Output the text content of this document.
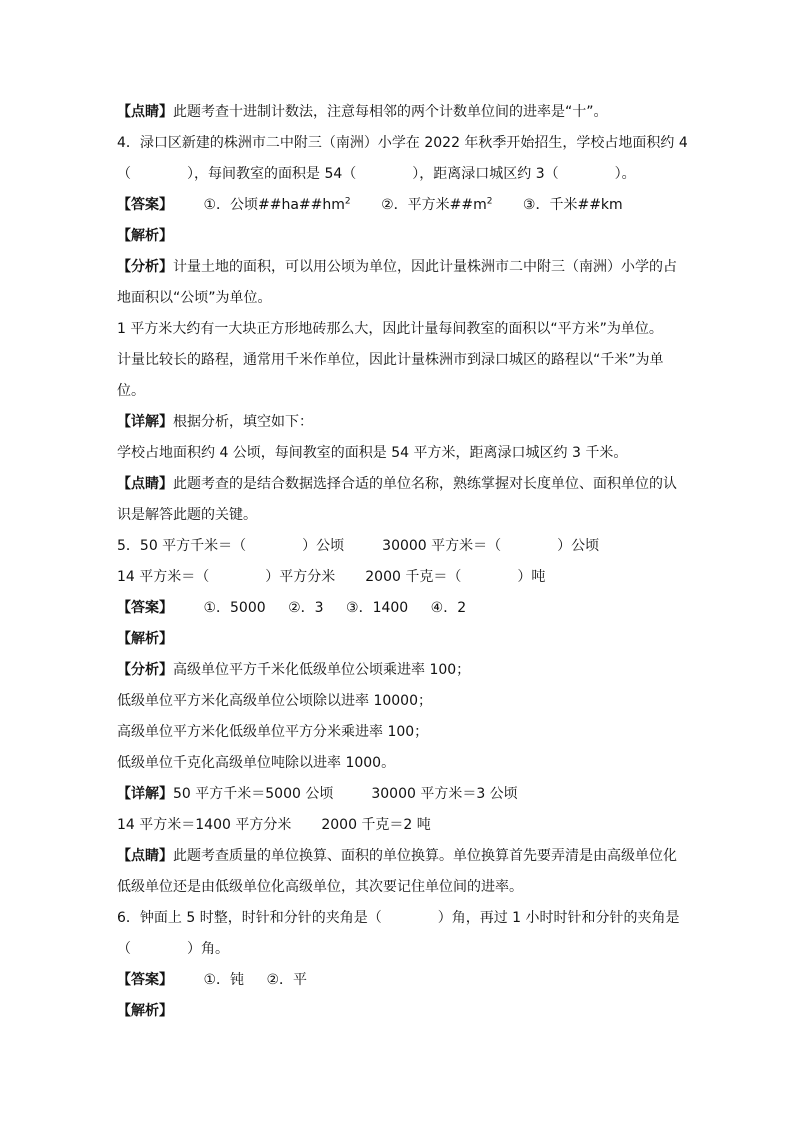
【点睛】此题考查十进制计数法，注意每相邻的两个计数单位间的进率是“十”。
4．渌口区新建的株洲市二中附三（南洲）小学在 2022 年秋季开始招生，学校占地面积约 4
（　　　　），每间教室的面积是 54（　　　　），距离渌口城区约 3（　　　　）。
【答案】 ①．公顷$\#\#ha\#\#hm^2$ ②．平方米$\#\#m^2$ ③．千米##km
【解析】
【分析】计量土地的面积，可以用公顷为单位，因此计量株洲市二中附三（南洲）小学的占
地面积以“公顷”为单位。
1 平方米大约有一大块正方形地砖那么大，因此计量每间教室的面积以“平方米”为单位。
计量比较长的路程，通常用千米作单位，因此计量株洲市到渌口城区的路程以“千米”为单
位。
【详解】根据分析，填空如下：
学校占地面积约 4 公顷，每间教室的面积是 54 平方米，距离渌口城区约 3 千米。
【点睛】此题考查的是结合数据选择合适的单位名称，熟练掌握对长度单位、面积单位的认
识是解答此题的关键。
5．50 平方千米＝（　　　　）公顷	30000 平方米＝（　　　　）公顷
14 平方米＝（　　　　）平方分米 2000 千克＝（　　　　）吨
【答案】 ①．5000 ②．3 ③．1400 ④．2
【解析】
【分析】高级单位平方千米化低级单位公顷乘进率 100；
低级单位平方米化高级单位公顷除以进率 10000；
高级单位平方米化低级单位平方分米乘进率 100；
低级单位千克化高级单位吨除以进率 1000。
【详解】50 平方千米＝5000 公顷	30000 平方米＝3 公顷
14 平方米＝1400 平方分米 2000 千克＝2 吨
【点睛】此题考查质量的单位换算、面积的单位换算。单位换算首先要弄清是由高级单位化
低级单位还是由低级单位化高级单位，其次要记住单位间的进率。
6．钟面上 5 时整，时针和分针的夹角是（　　　　）角，再过 1 小时时针和分针的夹角是
（　　　　）角。
【答案】 ①．钝 ②．平
【解析】
